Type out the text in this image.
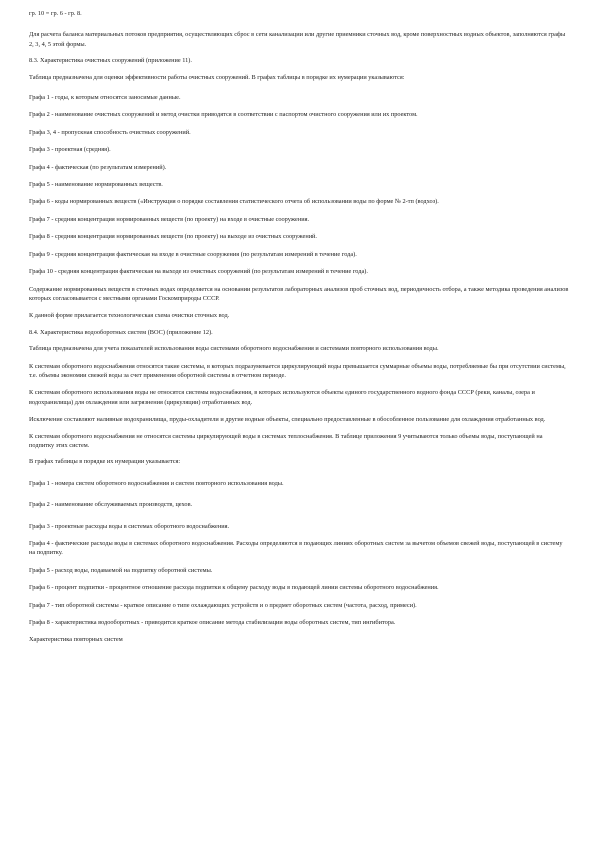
гр. 10 = гр. 6 - гр. 8.

Для расчета баланса материальных потоков предприятия, осуществляющих сброс в сети канализации или другие приемники сточных вод, кроме поверхностных водных объектов, заполняются графы 2, 3, 4, 5 этой формы.

8.3. Характеристика очистных сооружений (приложение 11).

Таблица предназначена для оценки эффективности работы очистных сооружений. В графах таблицы в порядке их нумерации указываются:

Графа 1 - годы, к которым относятся заносимые данные.

Графа 2 - наименование очистных сооружений и метод очистки приводятся в соответствии с паспортом очистного сооружения или их проектом.

Графа 3, 4 - пропускная способность очистных сооружений.

Графа 3 - проектная (средняя).

Графа 4 - фактическая (по результатам измерений).

Графа 5 - наименование нормированных веществ.

Графа 6 - коды нормированных веществ («Инструкция о порядке составления статистического отчета об использовании воды по форме № 2-тп (водхоз).

Графа 7 - средняя концентрация нормированных веществ (по проекту) на входе в очистные сооружения.

Графа 8 - средняя концентрация нормированных веществ (по проекту) на выходе из очистных сооружений.

Графа 9 - средняя концентрация фактическая на входе в очистные сооружения (по результатам измерений в течение года).

Графа 10 - средняя концентрация фактическая на выходе из очистных сооружений (по результатам измерений в течение года).

Содержание нормированных веществ в сточных водах определяется на основании результатов лабораторных анализов проб сточных вод, периодичность отбора, а также методика проведения анализов которых согласовывается с местными органами Госкомприроды СССР.

К данной форме прилагается технологическая схема очистки сточных вод.

8.4. Характеристика водооборотных систем (ВОС) (приложение 12).

Таблица предназначена для учета показателей использования воды системами оборотного водоснабжения и системами повторного использования воды.

К системам оборотного водоснабжения относятся такие системы, в которых подразумевается циркулирующий воды превышается суммарные объемы воды, потребляемые бы при отсутствии системы, т.е. объемы экономии свежей воды за счет применения оборотной системы в отчетном периоде.

К системам оборотного использования воды не относятся системы водоснабжения, в которых используются объекты единого государственного водного фонда СССР (реки, каналы, озера и водохранилища) для охлаждения или загрязнения (циркуляции) отработанных вод.

Исключение составляют наливные водохранилища, пруды-охладители и другие водные объекты, специально предоставленные в обособленное пользование для охлаждения отработанных вод.

К системам оборотного водоснабжения не относятся системы циркулирующей воды в системах теплоснабжения. В таблице приложения 9 учитываются только объемы воды, поступающей на подпитку этих систем.

В графах таблицы в порядке их нумерации указывается:

Графа 1 - номера систем оборотного водоснабжения и систем повторного использования воды.

Графа 2 - наименование обслуживаемых производств, цехов.

Графа 3 - проектные расходы воды в системах оборотного водоснабжения.

Графа 4 - фактические расходы воды в системах оборотного водоснабжения. Расходы определяются в подающих линиях оборотных систем за вычетом объемов свежей воды, поступающей в систему на подпитку.

Графа 5 - расход воды, подаваемой на подпитку оборотной системы.

Графа 6 - процент подпитки - процентное отношение расхода подпитки к общему расходу воды в подающей линии системы оборотного водоснабжения.

Графа 7 - тип оборотной системы - краткое описание о типе охлаждающих устройств и о предмет оборотных систем (частота, расход, примеси).

Графа 8 - характеристика водооборотных - приводится краткое описание метода стабилизации воды оборотных систем, тип ингибитора.

Характеристика повторных систем
